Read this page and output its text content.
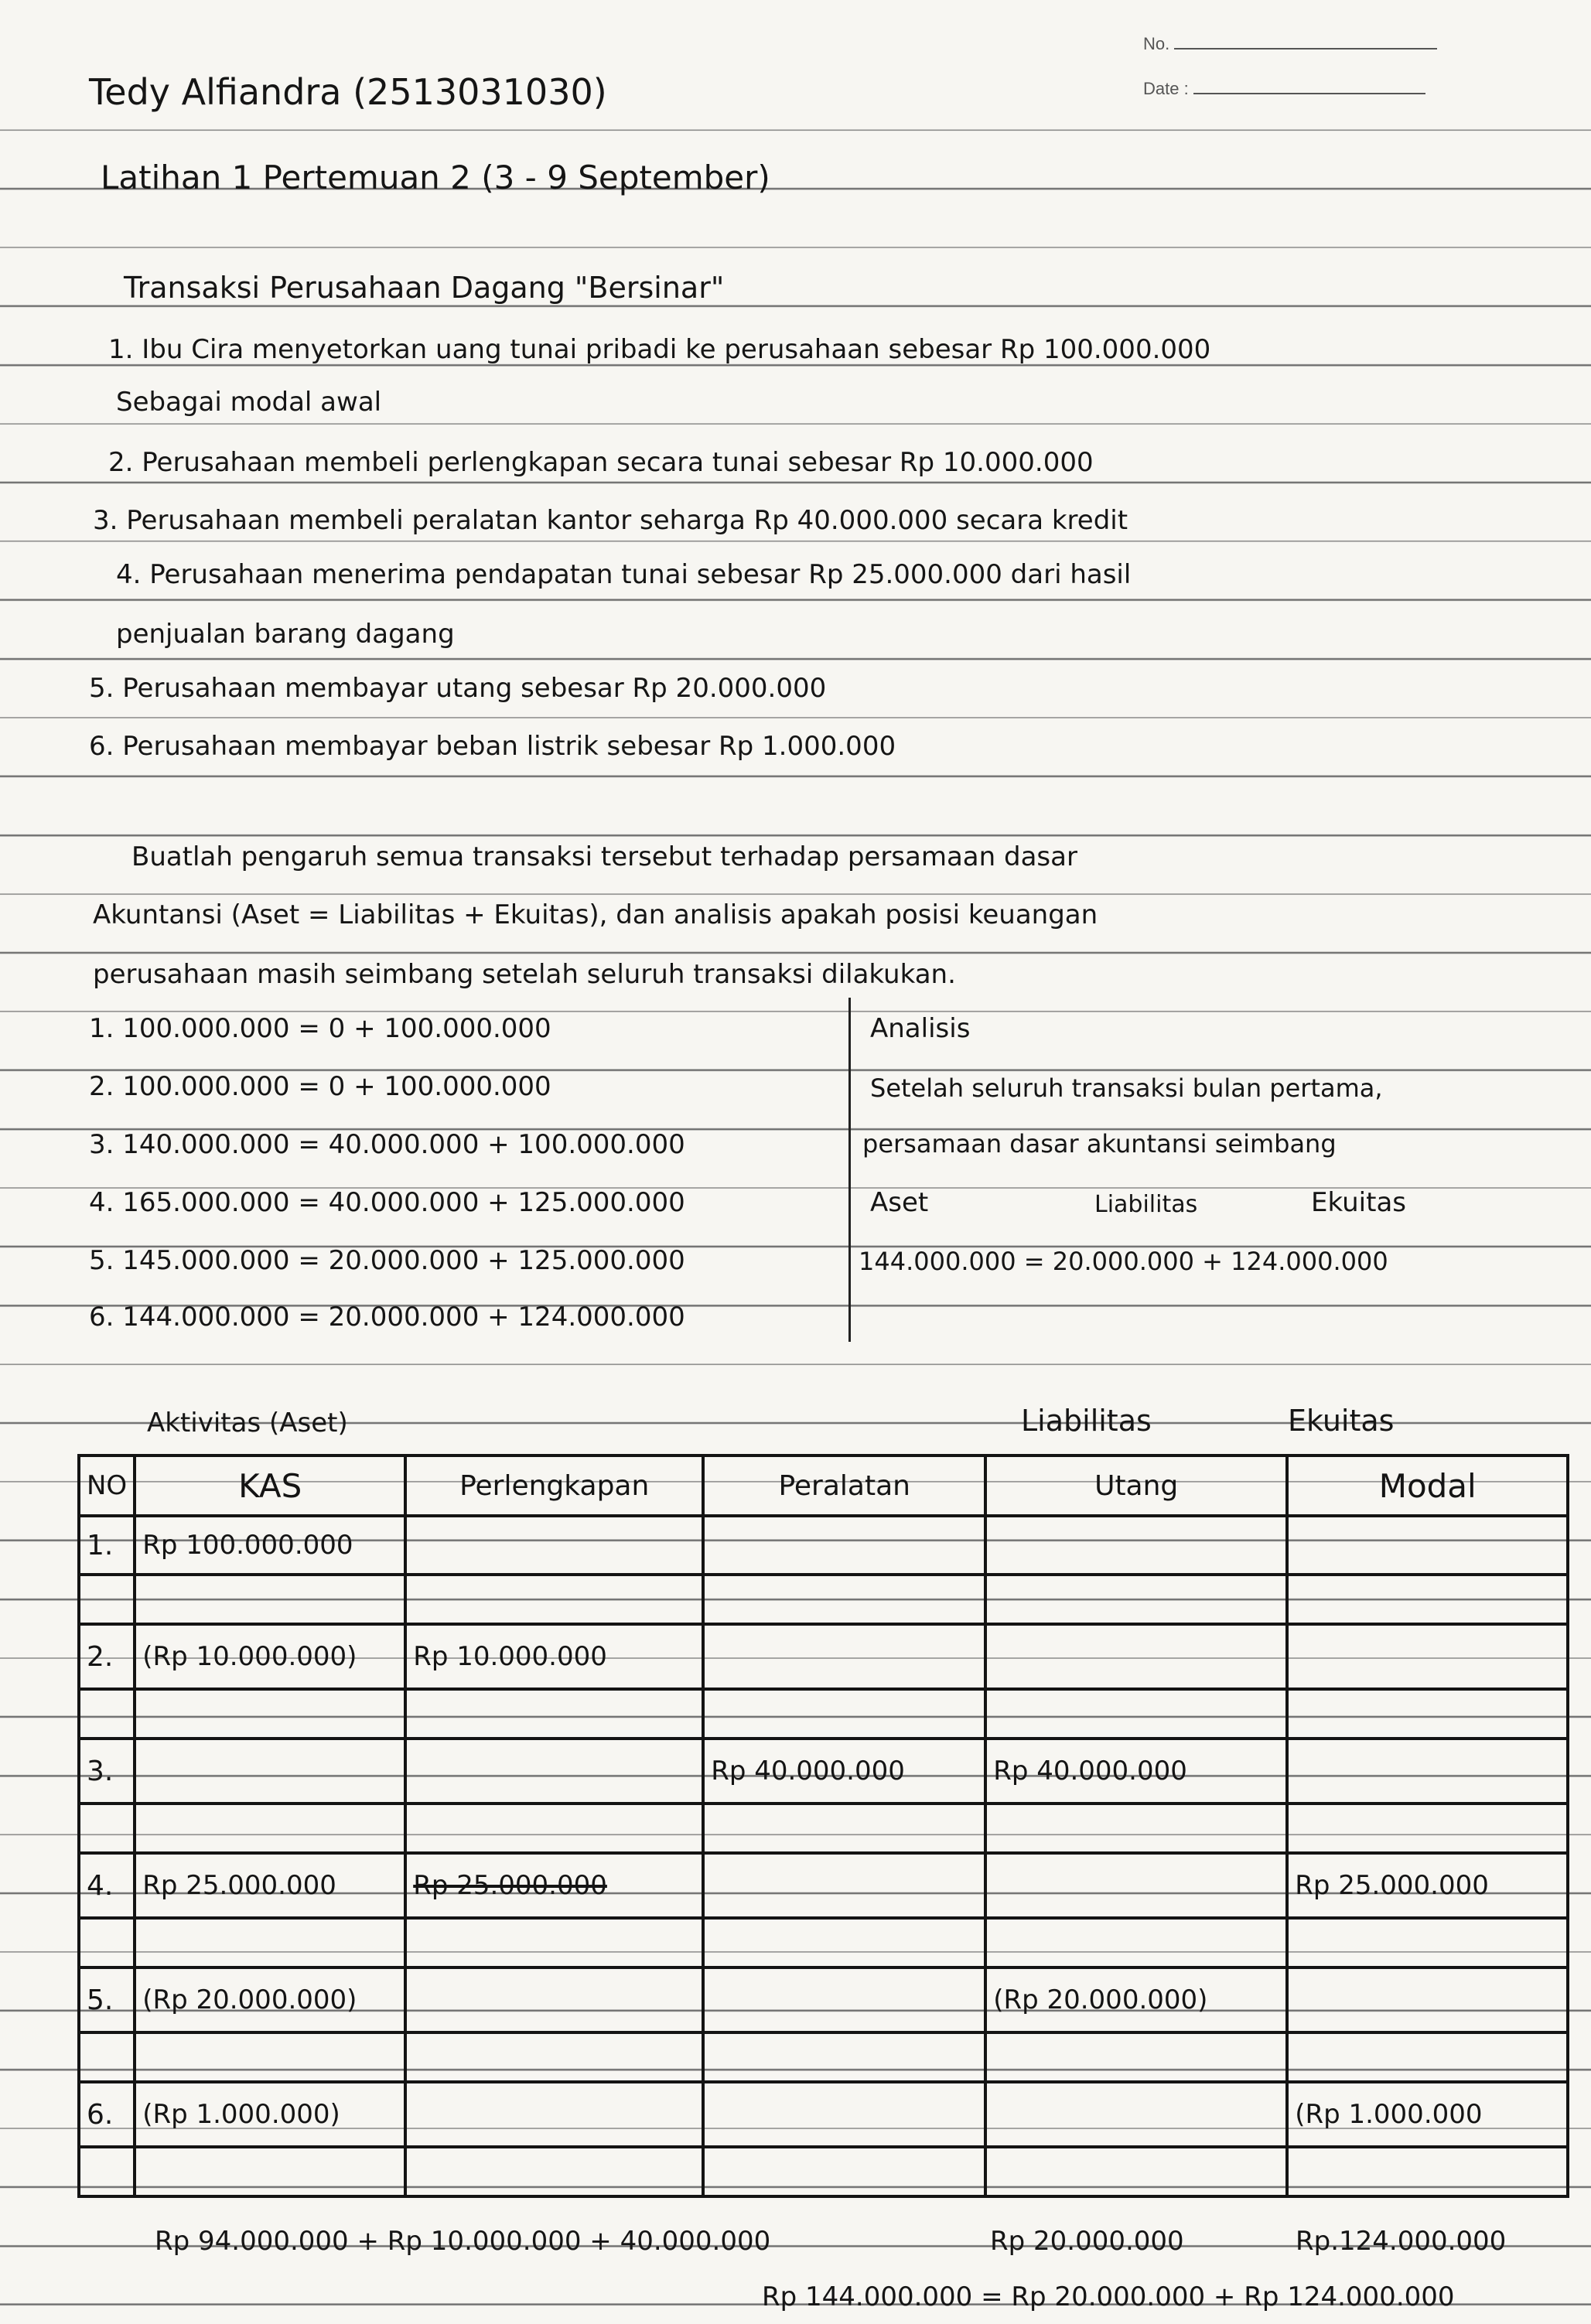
No.
Date :
Tedy Alfiandra (2513031030)
Latihan 1 Pertemuan 2 (3 - 9 September)
Transaksi Perusahaan Dagang "Bersinar"
1. Ibu Cira menyetorkan uang tunai pribadi ke perusahaan sebesar Rp 100.000.000
Sebagai modal awal
2. Perusahaan membeli perlengkapan secara tunai sebesar Rp 10.000.000
3. Perusahaan membeli peralatan kantor seharga Rp 40.000.000 secara kredit
4. Perusahaan menerima pendapatan tunai sebesar Rp 25.000.000 dari hasil
penjualan barang dagang
5. Perusahaan membayar utang sebesar Rp 20.000.000
6. Perusahaan membayar beban listrik sebesar Rp 1.000.000
Buatlah pengaruh semua transaksi tersebut terhadap persamaan dasar
Akuntansi (Aset = Liabilitas + Ekuitas), dan analisis apakah posisi keuangan
perusahaan masih seimbang setelah seluruh transaksi dilakukan.
1. 100.000.000 = 0 + 100.000.000
2. 100.000.000 = 0 + 100.000.000
3. 140.000.000 = 40.000.000 + 100.000.000
4. 165.000.000 = 40.000.000 + 125.000.000
5. 145.000.000 = 20.000.000 + 125.000.000
6. 144.000.000 = 20.000.000 + 124.000.000
Analisis
Setelah seluruh transaksi bulan pertama,
persamaan dasar akuntansi seimbang
Aset	Liabilitas	Ekuitas
144.000.000 = 20.000.000 + 124.000.000
Aktivitas (Aset)	Liabilitas	Ekuitas
NO	KAS	Perlengkapan	Peralatan	Utang	Modal
1.	Rp 100.000.000				

2.	(Rp 10.000.000)	Rp 10.000.000			

3.			Rp 40.000.000	Rp 40.000.000	

4.	Rp 25.000.000	Rp 25.000.000			Rp 25.000.000

5.	(Rp 20.000.000)			(Rp 20.000.000)	

6.	(Rp 1.000.000)				(Rp 1.000.000

Rp 94.000.000 + Rp 10.000.000 + 40.000.000	Rp 20.000.000	Rp.124.000.000
Rp 144.000.000 = Rp 20.000.000 + Rp 124.000.000
